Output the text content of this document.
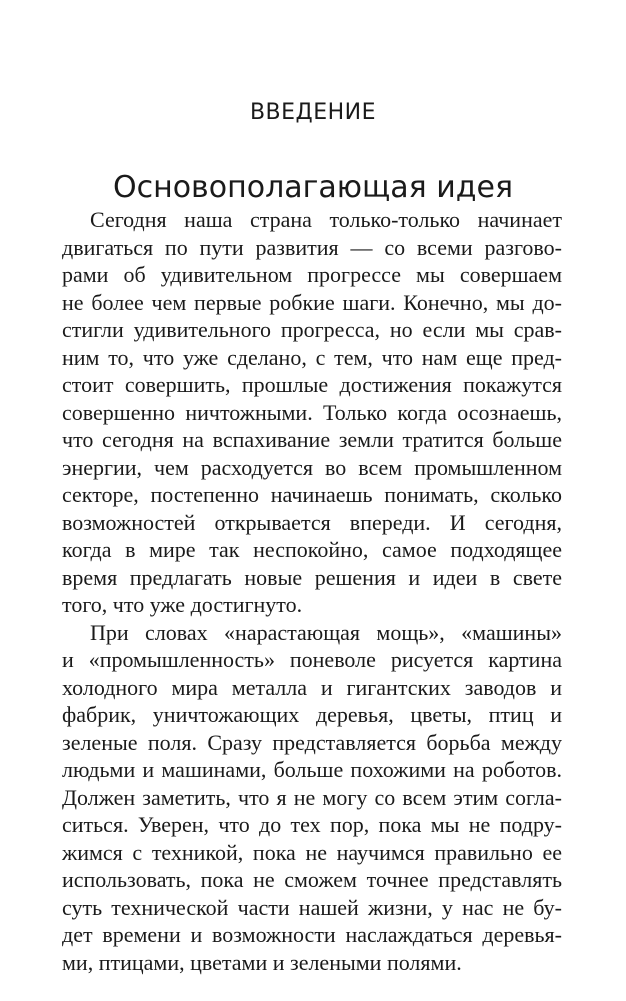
ВВЕДЕНИЕ
Основополагающая идея
Сегодня наша страна только-только начинает
двигаться по пути развития — со всеми разгово-
рами об удивительном прогрессе мы совершаем
не более чем первые робкие шаги. Конечно, мы до-
стигли удивительного прогресса, но если мы срав-
ним то, что уже сделано, с тем, что нам еще пред-
стоит совершить, прошлые достижения покажутся
совершенно ничтожными. Только когда осознаешь,
что сегодня на вспахивание земли тратится больше
энергии, чем расходуется во всем промышленном
секторе, постепенно начинаешь понимать, сколько
возможностей открывается впереди. И сегодня,
когда в мире так неспокойно, самое подходящее
время предлагать новые решения и идеи в свете
того, что уже достигнуто.
При словах «нарастающая мощь», «машины»
и «промышленность» поневоле рисуется картина
холодного мира металла и гигантских заводов и
фабрик, уничтожающих деревья, цветы, птиц и
зеленые поля. Сразу представляется борьба между
людьми и машинами, больше похожими на роботов.
Должен заметить, что я не могу со всем этим согла-
ситься. Уверен, что до тех пор, пока мы не подру-
жимся с техникой, пока не научимся правильно ее
использовать, пока не сможем точнее представлять
суть технической части нашей жизни, у нас не бу-
дет времени и возможности наслаждаться деревья-
ми, птицами, цветами и зелеными полями.
